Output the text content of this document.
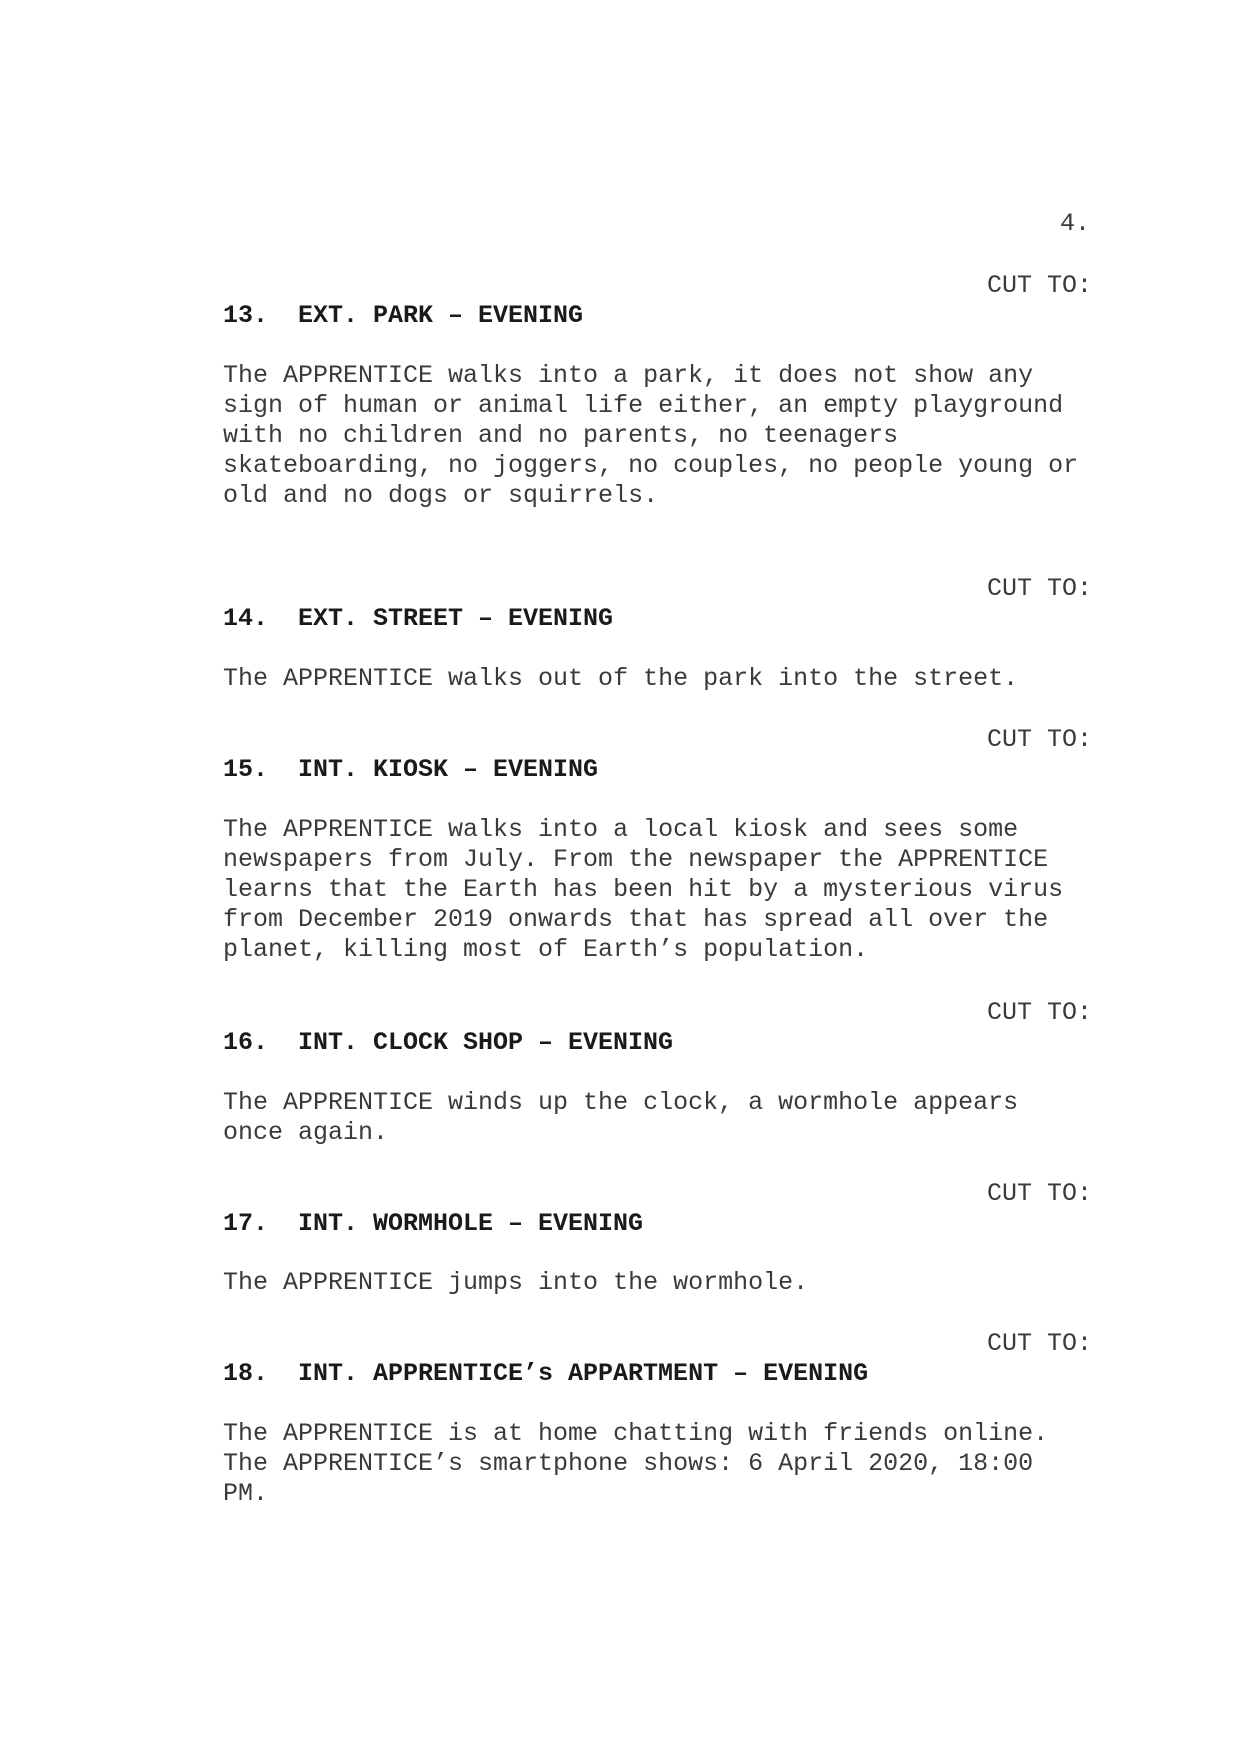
4.
CUT TO:
13. EXT. PARK – EVENING
The APPRENTICE walks into a park, it does not show any
sign of human or animal life either, an empty playground
with no children and no parents, no teenagers
skateboarding, no joggers, no couples, no people young or
old and no dogs or squirrels.
CUT TO:
14. EXT. STREET – EVENING
The APPRENTICE walks out of the park into the street.
CUT TO:
15. INT. KIOSK – EVENING
The APPRENTICE walks into a local kiosk and sees some
newspapers from July. From the newspaper the APPRENTICE
learns that the Earth has been hit by a mysterious virus
from December 2019 onwards that has spread all over the
planet, killing most of Earth’s population.
CUT TO:
16. INT. CLOCK SHOP – EVENING
The APPRENTICE winds up the clock, a wormhole appears
once again.
CUT TO:
17. INT. WORMHOLE – EVENING
The APPRENTICE jumps into the wormhole.
CUT TO:
18. INT. APPRENTICE’s APPARTMENT – EVENING
The APPRENTICE is at home chatting with friends online.
The APPRENTICE’s smartphone shows: 6 April 2020, 18:00
PM.
